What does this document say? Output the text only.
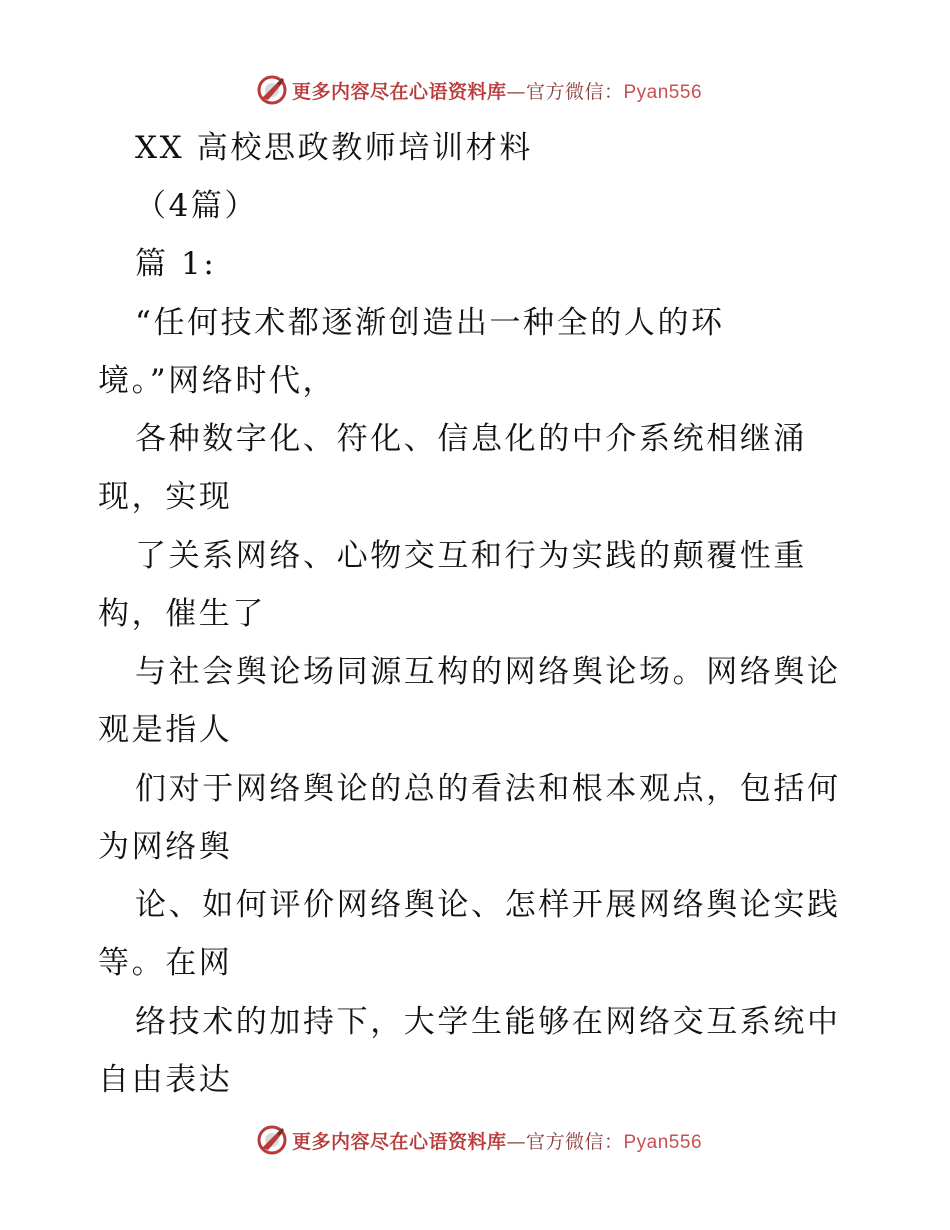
更多内容尽在心语资料库—官方微信：Pyan556
XX 高校思政教师培训材料
（4篇）
篇 1:
“任何技术都逐渐创造出一种全的人的环
境。”网络时代，
各种数字化、符化、信息化的中介系统相继涌
现，实现
了关系网络、心物交互和行为实践的颠覆性重
构，催生了
与社会舆论场同源互构的网络舆论场。网络舆论
观是指人
们对于网络舆论的总的看法和根本观点，包括何
为网络舆
论、如何评价网络舆论、怎样开展网络舆论实践
等。在网
络技术的加持下，大学生能够在网络交互系统中
自由表达
更多内容尽在心语资料库—官方微信：Pyan556
